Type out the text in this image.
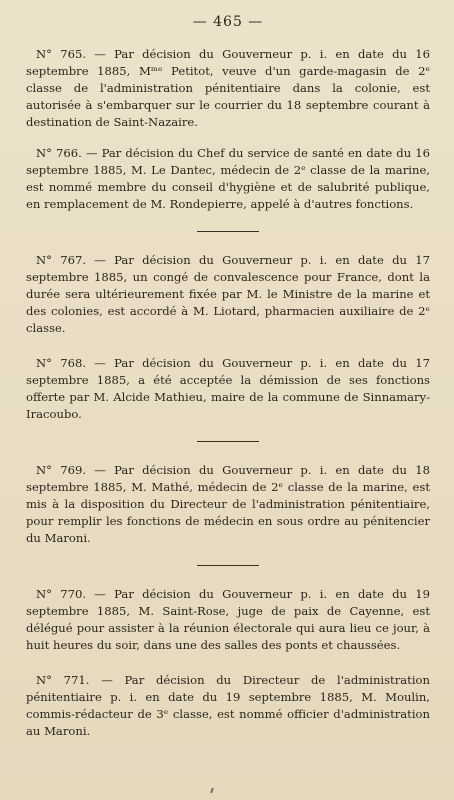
— 465 —

N° 765. — Par décision du Gouverneur p. i. en date du 16 septembre 1885, Mᵐᵉ Petitot, veuve d'un garde-magasin de 2ᵉ classe de l'administration pénitentiaire dans la colonie, est autorisée à s'embarquer sur le courrier du 18 septembre courant à destination de Saint-Nazaire.

N° 766. — Par décision du Chef du service de santé en date du 16 septembre 1885, M. Le Dantec, médecin de 2ᵉ classe de la marine, est nommé membre du conseil d'hygiène et de salubrité publique, en remplacement de M. Rondepierre, appelé à d'autres fonctions.

N° 767. — Par décision du Gouverneur p. i. en date du 17 septembre 1885, un congé de convalescence pour France, dont la durée sera ultérieurement fixée par M. le Ministre de la marine et des colonies, est accordé à M. Liotard, pharmacien auxiliaire de 2ᵉ classe.

N° 768. — Par décision du Gouverneur p. i. en date du 17 septembre 1885, a été acceptée la démission de ses fonctions offerte par M. Alcide Mathieu, maire de la commune de Sinnamary-Iracoubo.

N° 769. — Par décision du Gouverneur p. i. en date du 18 septembre 1885, M. Mathé, médecin de 2ᵉ classe de la marine, est mis à la disposition du Directeur de l'administration pénitentiaire, pour remplir les fonctions de médecin en sous ordre au pénitencier du Maroni.

N° 770. — Par décision du Gouverneur p. i. en date du 19 septembre 1885, M. Saint-Rose, juge de paix de Cayenne, est délégué pour assister à la réunion électorale qui aura lieu ce jour, à huit heures du soir, dans une des salles des ponts et chaussées.

N° 771. — Par décision du Directeur de l'administration pénitentiaire p. i. en date du 19 septembre 1885, M. Moulin, commis-rédacteur de 3ᵉ classe, est nommé officier d'administration au Maroni.
